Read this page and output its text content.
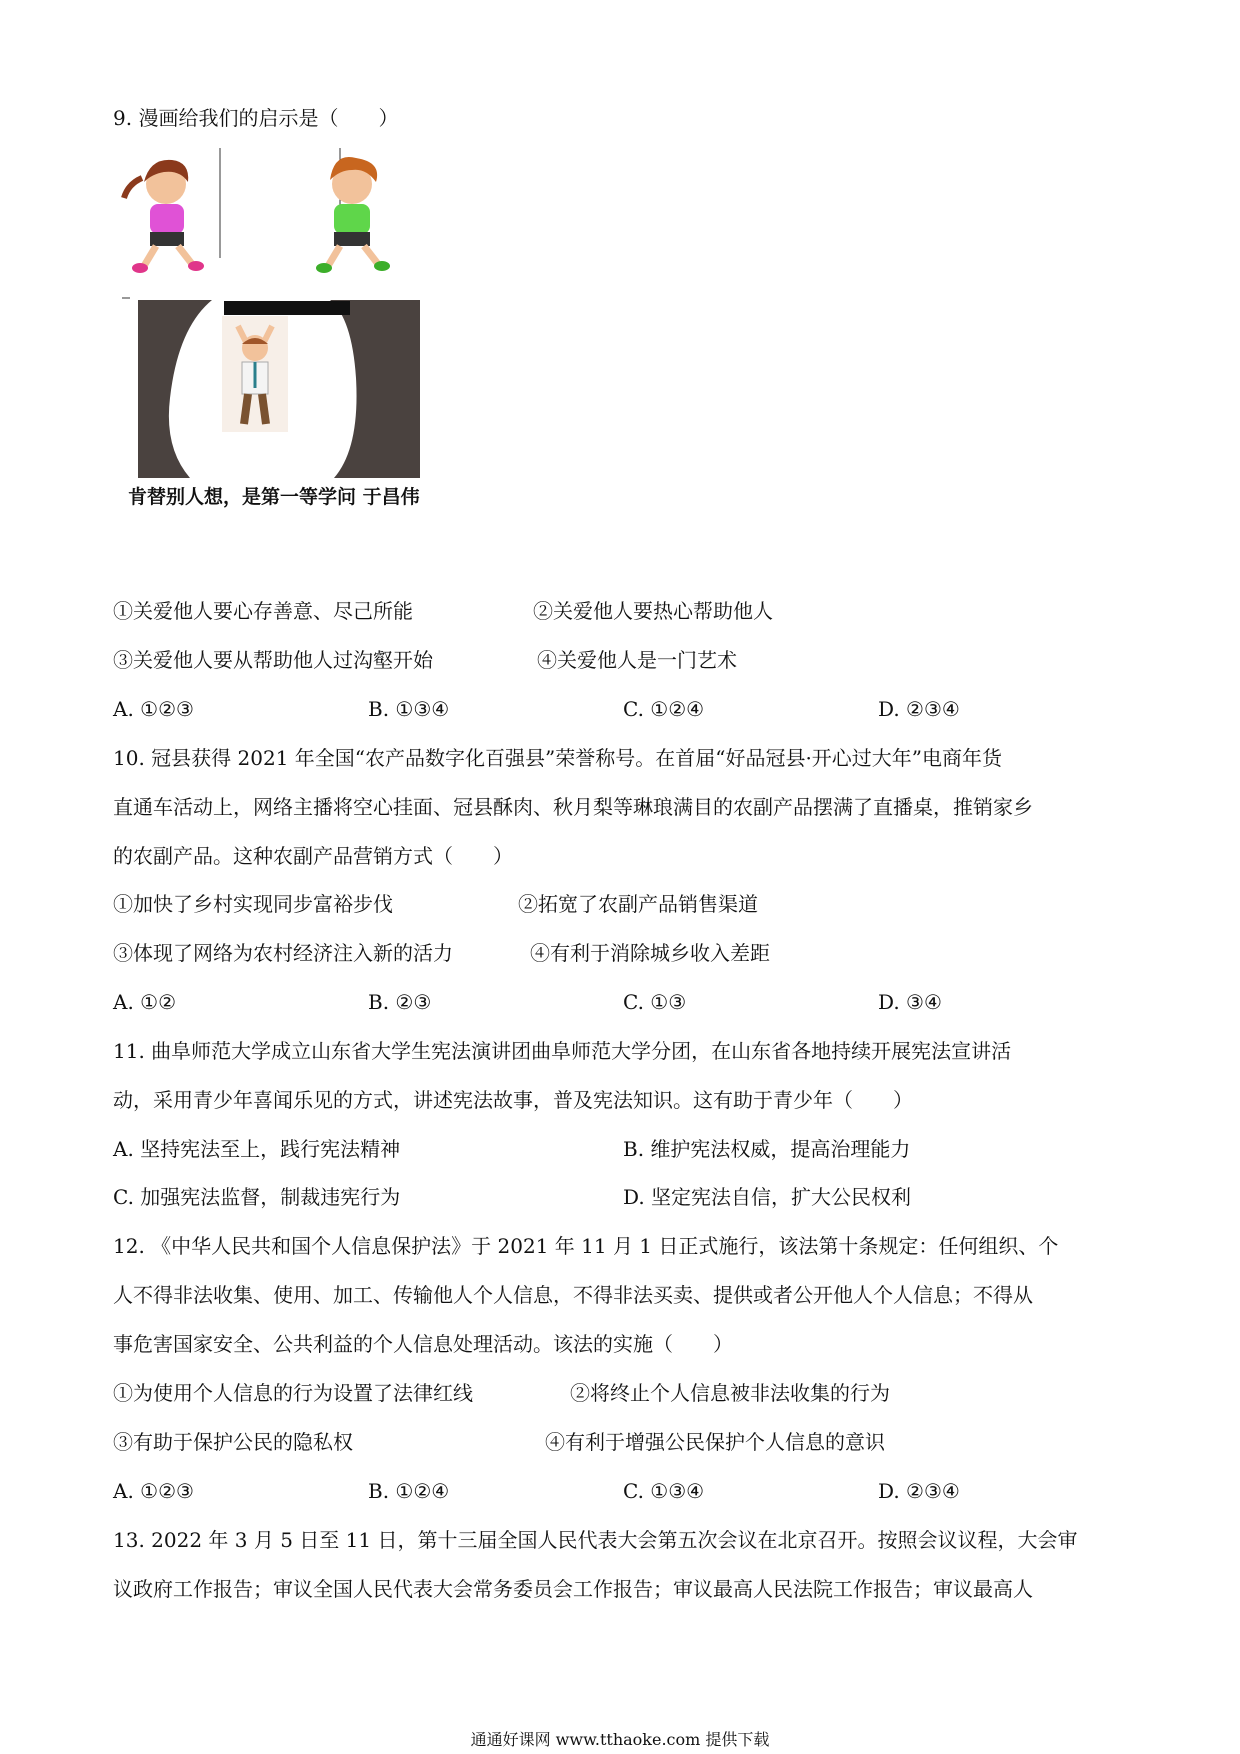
9. 漫画给我们的启示是（　　）
肯替别人想，是第一等学问 于昌伟
①关爱他人要心存善意、尽己所能	②关爱他人要热心帮助他人
③关爱他人要从帮助他人过沟壑开始	④关爱他人是一门艺术
A. ①②③	B. ①③④	C. ①②④	D. ②③④
10. 冠县获得 2021 年全国“农产品数字化百强县”荣誉称号。在首届“好品冠县·开心过大年”电商年货
直通车活动上，网络主播将空心挂面、冠县酥肉、秋月梨等琳琅满目的农副产品摆满了直播桌，推销家乡
的农副产品。这种农副产品营销方式（　　）
①加快了乡村实现同步富裕步伐	②拓宽了农副产品销售渠道
③体现了网络为农村经济注入新的活力	④有利于消除城乡收入差距
A. ①②	B. ②③	C. ①③	D. ③④
11. 曲阜师范大学成立山东省大学生宪法演讲团曲阜师范大学分团，在山东省各地持续开展宪法宣讲活
动，采用青少年喜闻乐见的方式，讲述宪法故事，普及宪法知识。这有助于青少年（　　）
A. 坚持宪法至上，践行宪法精神	B. 维护宪法权威，提高治理能力
C. 加强宪法监督，制裁违宪行为	D. 坚定宪法自信，扩大公民权利
12. 《中华人民共和国个人信息保护法》于 2021 年 11 月 1 日正式施行，该法第十条规定：任何组织、个
人不得非法收集、使用、加工、传输他人个人信息，不得非法买卖、提供或者公开他人个人信息；不得从
事危害国家安全、公共利益的个人信息处理活动。该法的实施（　　）
①为使用个人信息的行为设置了法律红线	②将终止个人信息被非法收集的行为
③有助于保护公民的隐私权	④有利于增强公民保护个人信息的意识
A. ①②③	B. ①②④	C. ①③④	D. ②③④
13. 2022 年 3 月 5 日至 11 日，第十三届全国人民代表大会第五次会议在北京召开。按照会议议程，大会审
议政府工作报告；审议全国人民代表大会常务委员会工作报告；审议最高人民法院工作报告；审议最高人
通通好课网 www.tthaoke.com 提供下载
